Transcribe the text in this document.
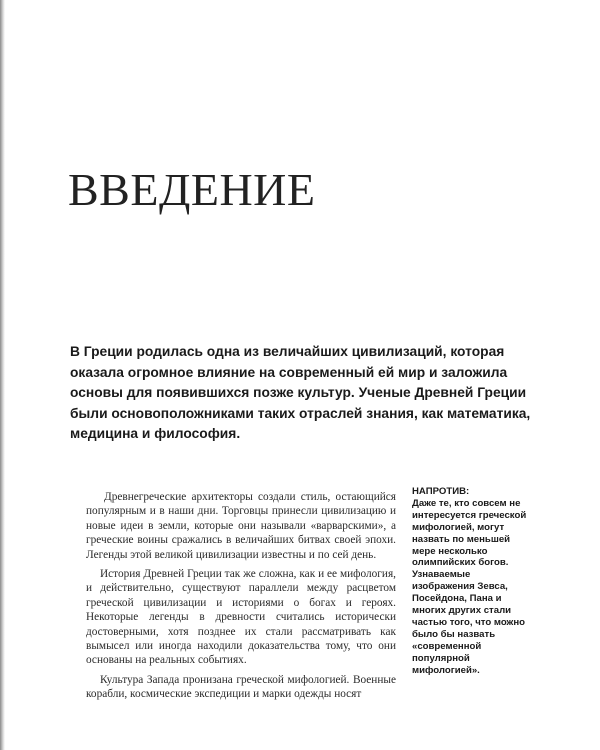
ВВЕДЕНИЕ

В Греции родилась одна из величайших цивилизаций, которая оказала огромное влияние на современный ей мир и заложила основы для появившихся позже культур. Ученые Древней Греции были основоположниками таких отраслей знания, как математика, медицина и философия.

Древнегреческие архитекторы создали стиль, остающийся популярным и в наши дни. Торговцы принесли цивилизацию и новые идеи в земли, которые они называли «варварскими», а греческие воины сражались в величайших битвах своей эпохи. Легенды этой великой цивилизации известны и по сей день.

История Древней Греции так же сложна, как и ее мифология, и действительно, существуют параллели между расцветом греческой цивилизации и историями о богах и героях. Некоторые легенды в древности считались исторически достоверными, хотя позднее их стали рассматривать как вымысел или иногда находили доказательства тому, что они основаны на реальных событиях.

Культура Запада пронизана греческой мифологией. Военные корабли, космические экспедиции и марки одежды носят

НАПРОТИВ:
Даже те, кто совсем не интересуется греческой мифологией, могут назвать по меньшей мере несколько олимпийских богов. Узнаваемые изображения Зевса, Посейдона, Пана и многих других стали частью того, что можно было бы назвать «современной популярной мифологией».
